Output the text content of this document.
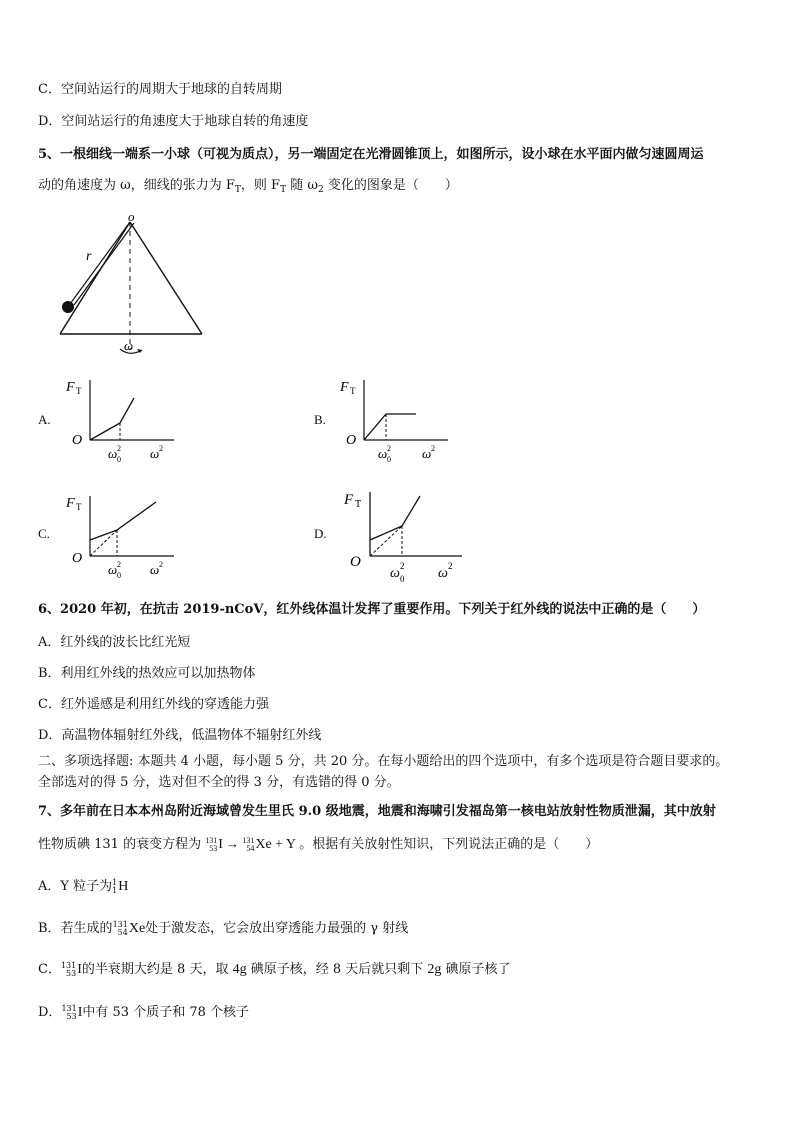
C．空间站运行的周期大于地球的自转周期
D．空间站运行的角速度大于地球自转的角速度
5、一根细线一端系一小球（可视为质点），另一端固定在光滑圆锥顶上，如图所示，设小球在水平面内做匀速圆周运
动的角速度为 ω，细线的张力为 $F_T$，则 $F_T$ 随 $\omega_2$ 变化的图象是（　　）
o
r
ω
A.
F T
O
ω 2
0 ω 2
B.
F T
O
ω 2
0 ω 2
C.
F T
O
ω 2
0 ω 2
D.
F T
O
ω 2
0 ω 2
6、2020 年初，在抗击 2019-nCoV，红外线体温计发挥了重要作用。下列关于红外线的说法中正确的是（　　）
A．红外线的波长比红光短
B．利用红外线的热效应可以加热物体
C．红外遥感是利用红外线的穿透能力强
D．高温物体辐射红外线，低温物体不辐射红外线
二、多项选择题: 本题共 4 小题，每小题 5 分，共 20 分。在每小题给出的四个选项中，有多个选项是符合题目要求的。
全部选对的得 5 分，选对但不全的得 3 分，有选错的得 0 分。
7、多年前在日本本州岛附近海域曾发生里氏 9.0 级地震，地震和海啸引发福岛第一核电站放射性物质泄漏，其中放射
性物质碘 131 的衰变方程为 131
53 I → 131
54 Xe + Y 。根据有关放射性知识，下列说法正确的是（　　）
A．Y 粒子为 1
1 H
B．若生成的 131
54 Xe处于激发态，它会放出穿透能力最强的 γ 射线
C． 131
53 I的半衰期大约是 8 天，取 4g 碘原子核，经 8 天后就只剩下 2g 碘原子核了
D． 131
53 I中有 53 个质子和 78 个核子
